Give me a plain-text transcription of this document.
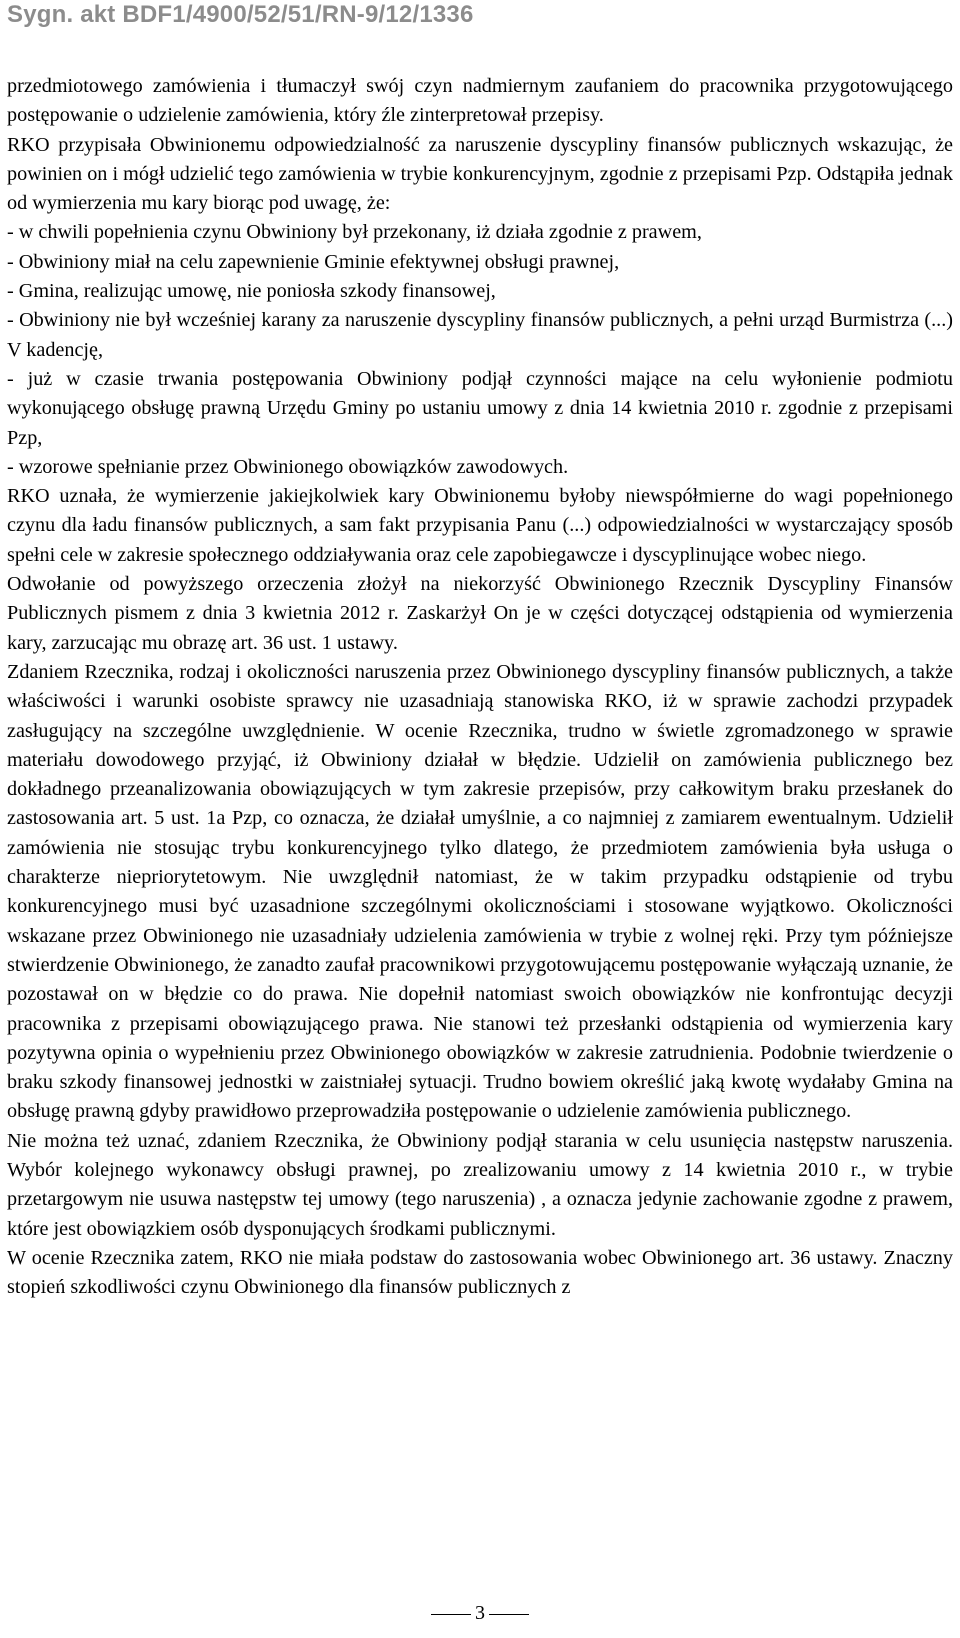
Sygn. akt BDF1/4900/52/51/RN-9/12/1336

przedmiotowego zamówienia i tłumaczył swój czyn nadmiernym zaufaniem do pracownika przygotowującego postępowanie o udzielenie zamówienia, który źle zinterpretował przepisy.

RKO przypisała Obwinionemu odpowiedzialność za naruszenie dyscypliny finansów publicznych wskazując, że powinien on i mógł udzielić tego zamówienia w trybie konkurencyjnym, zgodnie z przepisami Pzp. Odstąpiła jednak od wymierzenia mu kary biorąc pod uwagę, że:

- w chwili popełnienia czynu Obwiniony był przekonany, iż działa zgodnie z prawem,

- Obwiniony miał na celu zapewnienie Gminie efektywnej obsługi prawnej,

- Gmina, realizując umowę, nie poniosła szkody finansowej,

- Obwiniony nie był wcześniej karany za naruszenie dyscypliny finansów publicznych, a pełni urząd Burmistrza (...) V kadencję,

- już w czasie trwania postępowania Obwiniony podjął czynności mające na celu wyłonienie podmiotu wykonującego obsługę prawną Urzędu Gminy po ustaniu umowy z dnia 14 kwietnia 2010 r. zgodnie z przepisami Pzp,

- wzorowe spełnianie przez Obwinionego obowiązków zawodowych.

RKO uznała, że wymierzenie jakiejkolwiek kary Obwinionemu byłoby niewspółmierne do wagi popełnionego czynu dla ładu finansów publicznych, a sam fakt przypisania Panu (...) odpowiedzialności w wystarczający sposób spełni cele w zakresie społecznego oddziaływania oraz cele zapobiegawcze i dyscyplinujące wobec niego.

Odwołanie od powyższego orzeczenia złożył na niekorzyść Obwinionego Rzecznik Dyscypliny Finansów Publicznych pismem z dnia 3 kwietnia 2012 r. Zaskarżył On je w części dotyczącej odstąpienia od wymierzenia kary, zarzucając mu obrazę art. 36 ust. 1 ustawy.

Zdaniem Rzecznika, rodzaj i okoliczności naruszenia przez Obwinionego dyscypliny finansów publicznych, a także właściwości i warunki osobiste sprawcy nie uzasadniają stanowiska RKO, iż w sprawie zachodzi przypadek zasługujący na szczególne uwzględnienie. W ocenie Rzecznika, trudno w świetle zgromadzonego w sprawie materiału dowodowego przyjąć, iż Obwiniony działał w błędzie. Udzielił on zamówienia publicznego bez dokładnego przeanalizowania obowiązujących w tym zakresie przepisów, przy całkowitym braku przesłanek do zastosowania art. 5 ust. 1a Pzp, co oznacza, że działał umyślnie, a co najmniej z zamiarem ewentualnym. Udzielił zamówienia nie stosując trybu konkurencyjnego tylko dlatego, że przedmiotem zamówienia była usługa o charakterze niepriorytetowym. Nie uwzględnił natomiast, że w takim przypadku odstąpienie od trybu konkurencyjnego musi być uzasadnione szczególnymi okolicznościami i stosowane wyjątkowo. Okoliczności wskazane przez Obwinionego nie uzasadniały udzielenia zamówienia w trybie z wolnej ręki. Przy tym późniejsze stwierdzenie Obwinionego, że zanadto zaufał pracownikowi przygotowującemu postępowanie wyłączają uznanie, że pozostawał on w błędzie co do prawa. Nie dopełnił natomiast swoich obowiązków nie konfrontując decyzji pracownika z przepisami obowiązującego prawa. Nie stanowi też przesłanki odstąpienia od wymierzenia kary pozytywna opinia o wypełnieniu przez Obwinionego obowiązków w zakresie zatrudnienia. Podobnie twierdzenie o braku szkody finansowej jednostki w zaistniałej sytuacji. Trudno bowiem określić jaką kwotę wydałaby Gmina na obsługę prawną gdyby prawidłowo przeprowadziła postępowanie o udzielenie zamówienia publicznego.

Nie można też uznać, zdaniem Rzecznika, że Obwiniony podjął starania w celu usunięcia następstw naruszenia. Wybór kolejnego wykonawcy obsługi prawnej, po zrealizowaniu umowy z 14 kwietnia 2010 r., w trybie przetargowym nie usuwa następstw tej umowy (tego naruszenia) , a oznacza jedynie zachowanie zgodne z prawem, które jest obowiązkiem osób dysponujących środkami publicznymi.

W ocenie Rzecznika zatem, RKO nie miała podstaw do zastosowania wobec Obwinionego art. 36 ustawy. Znaczny stopień szkodliwości czynu Obwinionego dla finansów publicznych z

3
